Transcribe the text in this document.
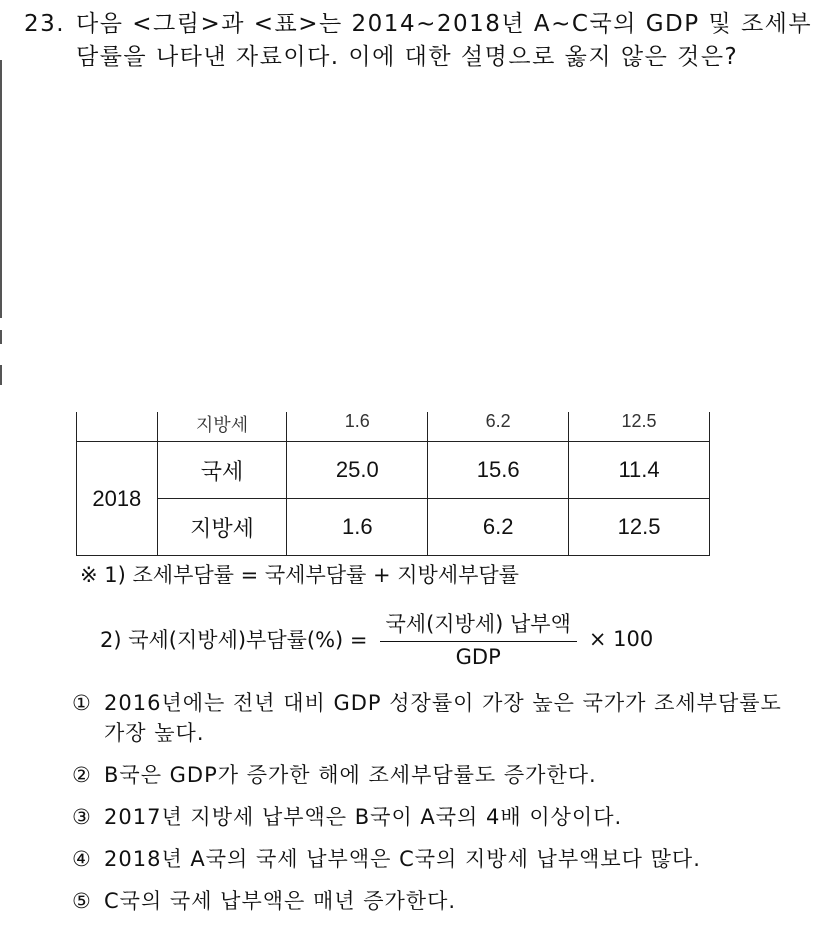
23. 다음 <그림>과 <표>는 2014~2018년 A~C국의 GDP 및 조세부담률을 나타낸 자료이다. 이에 대한 설명으로 옳지 않은 것은?
	지방세	1.6	6.2	12.5
2018	국세	25.0	15.6	11.4
	지방세	1.6	6.2	12.5
※ 1) 조세부담률 = 국세부담률 + 지방세부담률
2) 국세(지방세)부담률(%) = $\frac{\text{국세(지방세) 납부액}}{\text{GDP}} \times 100$
① 2016년에는 전년 대비 GDP 성장률이 가장 높은 국가가 조세부담률도 가장 높다.
② B국은 GDP가 증가한 해에 조세부담률도 증가한다.
③ 2017년 지방세 납부액은 B국이 A국의 4배 이상이다.
④ 2018년 A국의 국세 납부액은 C국의 지방세 납부액보다 많다.
⑤ C국의 국세 납부액은 매년 증가한다.
